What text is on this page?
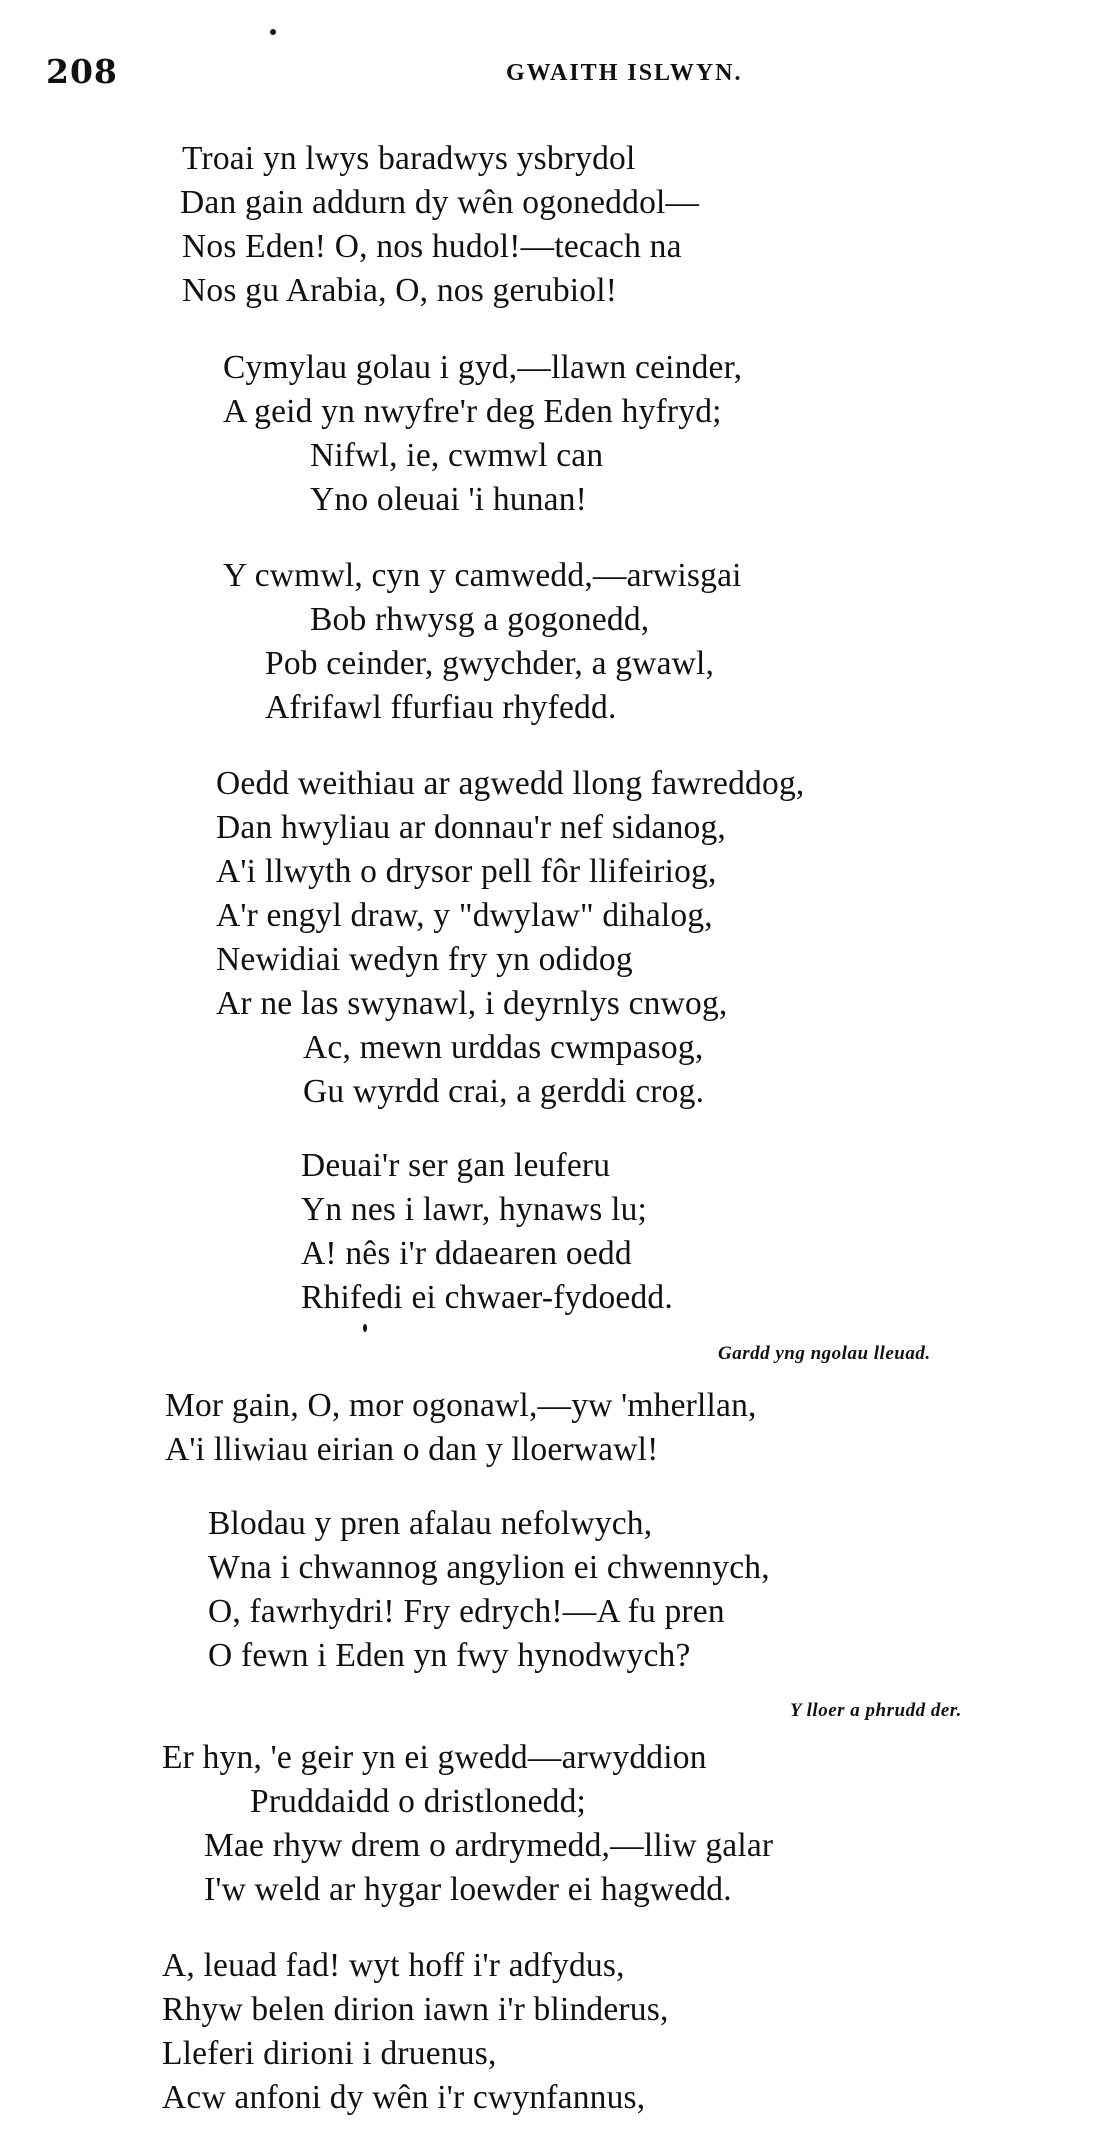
208	GWAITH ISLWYN.
Troai yn lwys baradwys ysbrydol
Dan gain addurn dy wên ogoneddol—
Nos Eden! O, nos hudol!—tecach na
Nos gu Arabia, O, nos gerubiol!
Cymylau golau i gyd,—llawn ceinder,
A geid yn nwyfre'r deg Eden hyfryd;
Nifwl, ie, cwmwl can
Yno oleuai 'i hunan!
Y cwmwl, cyn y camwedd,—arwisgai
Bob rhwysg a gogonedd,
Pob ceinder, gwychder, a gwawl,
Afrifawl ffurfiau rhyfedd.
Oedd weithiau ar agwedd llong fawreddog,
Dan hwyliau ar donnau'r nef sidanog,
A'i llwyth o drysor pell fôr llifeiriog,
A'r engyl draw, y "dwylaw" dihalog,
Newidiai wedyn fry yn odidog
Ar ne las swynawl, i deyrnlys cnwog,
Ac, mewn urddas cwmpasog,
Gu wyrdd crai, a gerddi crog.
Deuai'r ser gan leuferu
Yn nes i lawr, hynaws lu;
A! nês i'r ddaearen oedd
Rhifedi ei chwaer-fydoedd.
Gardd yng ngolau lleuad.
Mor gain, O, mor ogonawl,—yw 'mherllan,
A'i lliwiau eirian o dan y lloerwawl!
Blodau y pren afalau nefolwych,
Wna i chwannog angylion ei chwennych,
O, fawrhydri! Fry edrych!—A fu pren
O fewn i Eden yn fwy hynodwych?
Y lloer a phrudd der.
Er hyn, 'e geir yn ei gwedd—arwyddion
Pruddaidd o dristlonedd;
Mae rhyw drem o ardrymedd,—lliw galar
I'w weld ar hygar loewder ei hagwedd.
A, leuad fad! wyt hoff i'r adfydus,
Rhyw belen dirion iawn i'r blinderus,
Lleferi dirioni i druenus,
Acw anfoni dy wên i'r cwynfannus,
